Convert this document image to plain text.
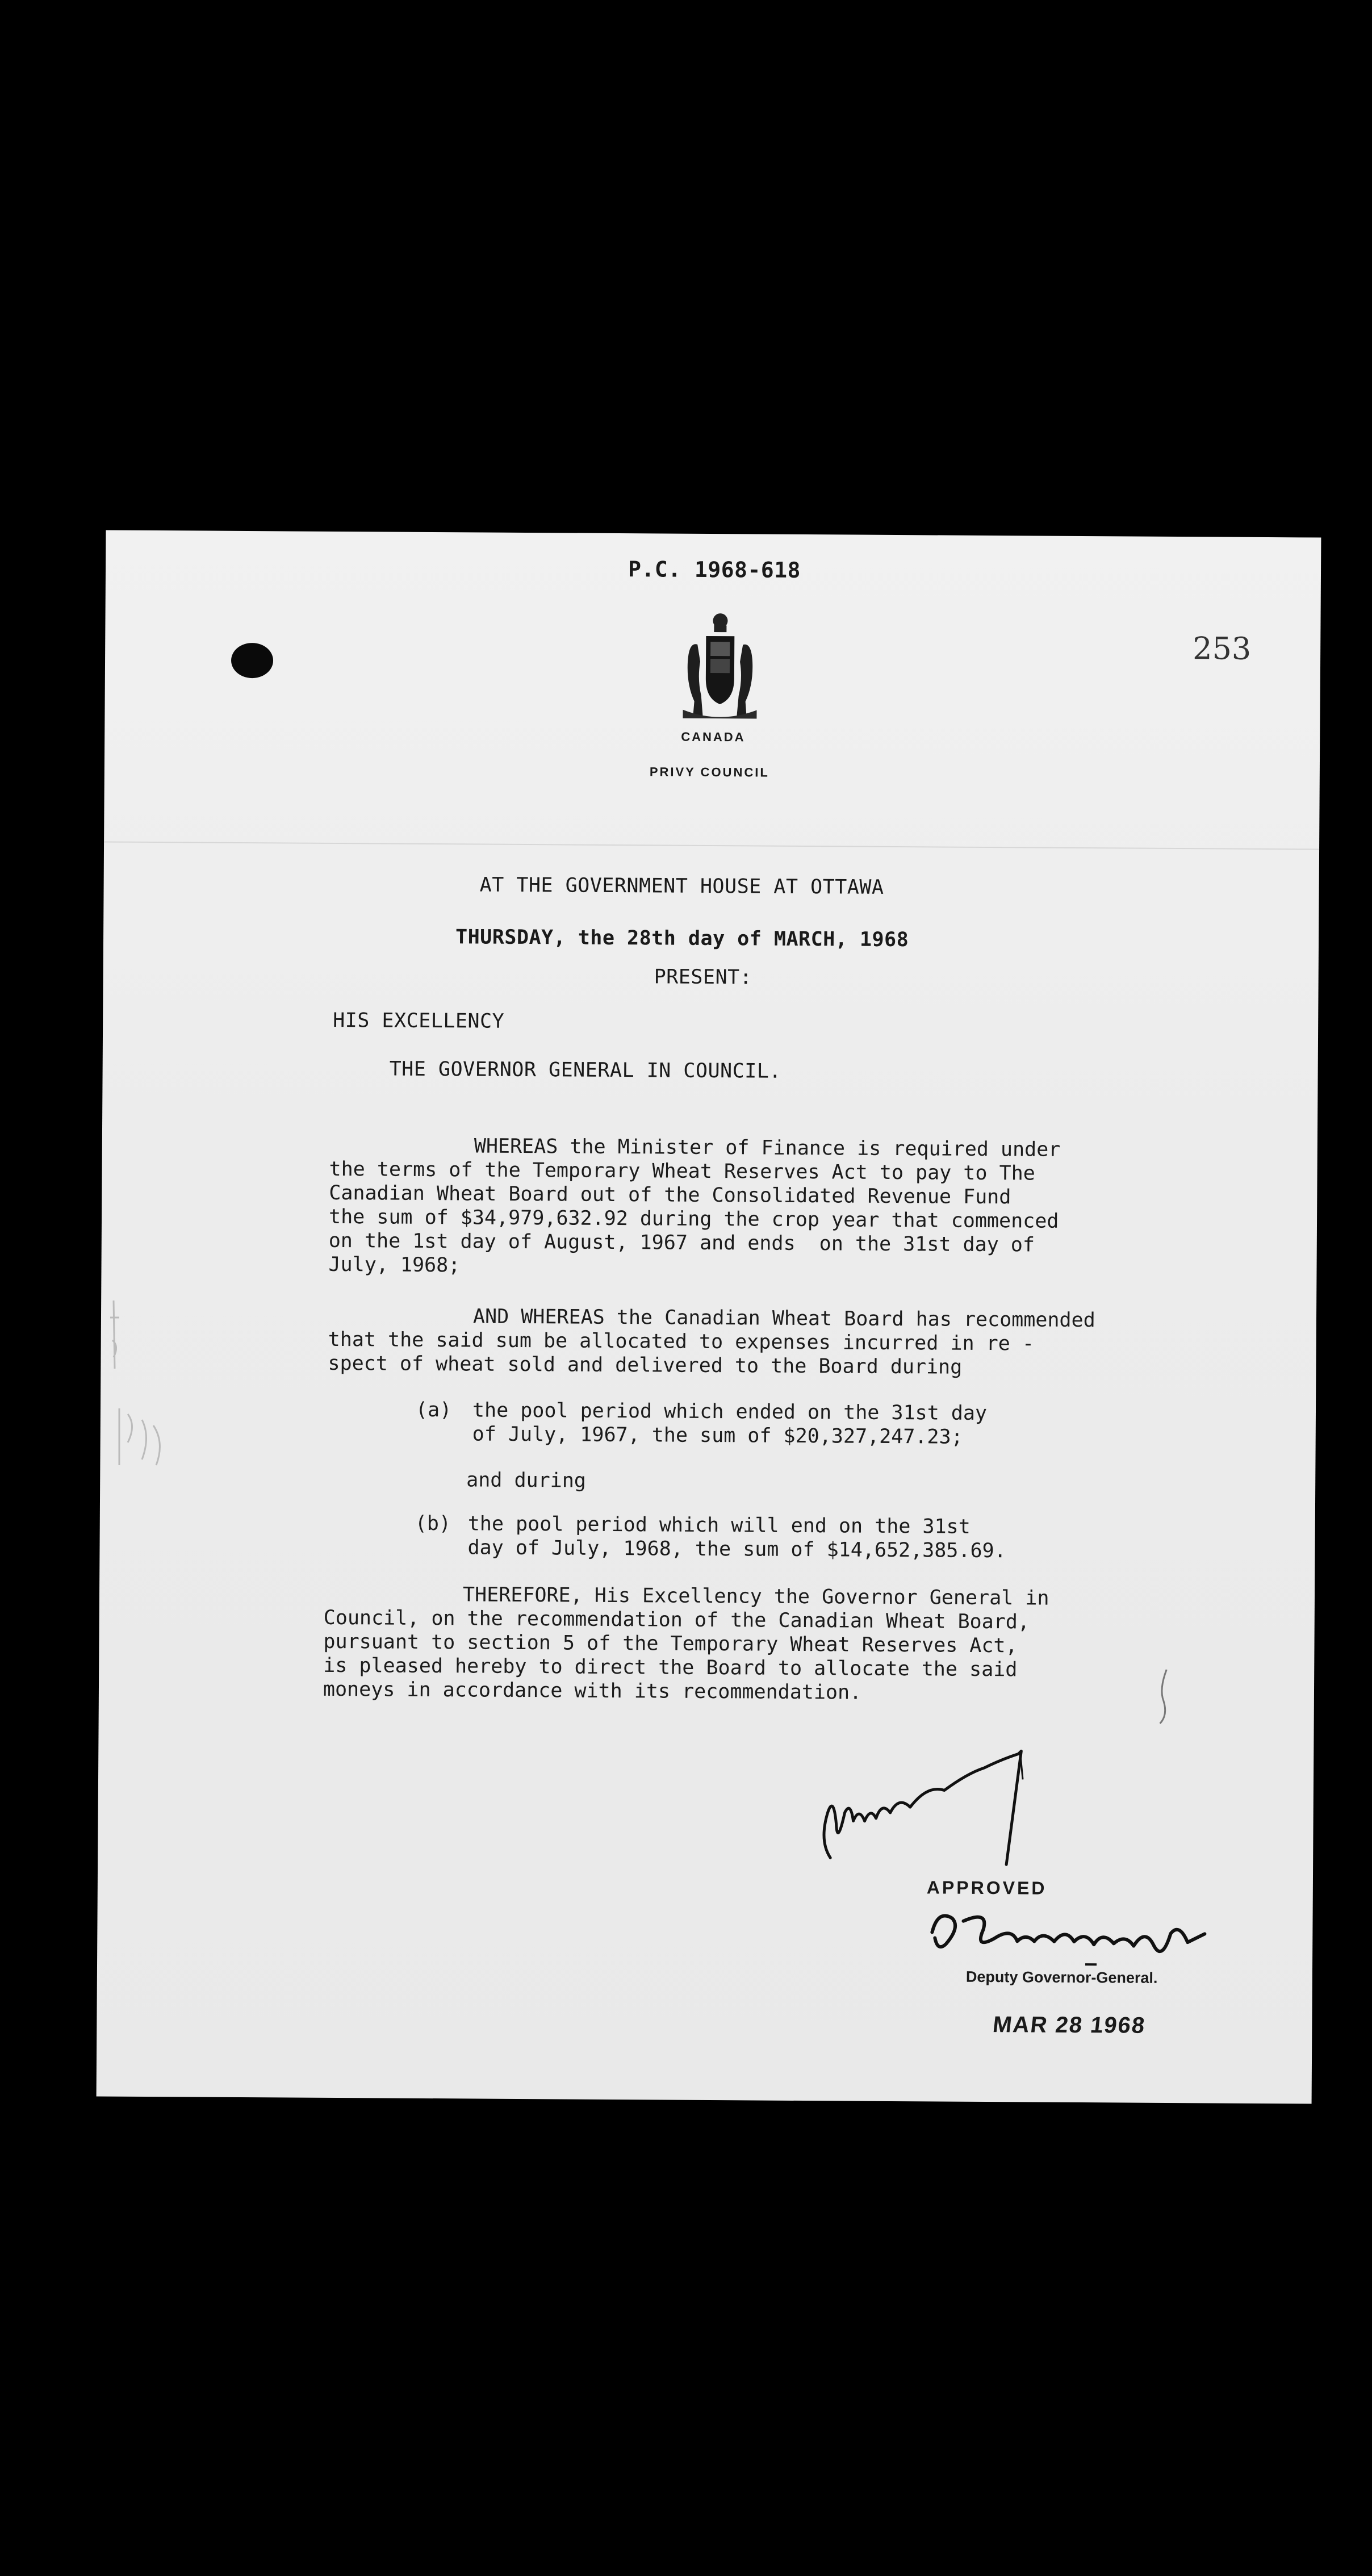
P.C. 1968-618

253

CANADA

PRIVY COUNCIL

AT THE GOVERNMENT HOUSE AT OTTAWA

THURSDAY, the 28th day of MARCH, 1968

PRESENT:

HIS EXCELLENCY

THE GOVERNOR GENERAL IN COUNCIL.

WHEREAS the Minister of Finance is required under

the terms of the Temporary Wheat Reserves Act to pay to The

Canadian Wheat Board out of the Consolidated Revenue Fund

the sum of $34,979,632.92 during the crop year that commenced

on the 1st day of August, 1967 and ends  on the 31st day of

July, 1968;

AND WHEREAS the Canadian Wheat Board has recommended

that the said sum be allocated to expenses incurred in re -

spect of wheat sold and delivered to the Board during

(a) the pool period which ended on the 31st day

of July, 1967, the sum of $20,327,247.23;

and during

(b) the pool period which will end on the 31st

day of July, 1968, the sum of $14,652,385.69.

THEREFORE, His Excellency the Governor General in

Council, on the recommendation of the Canadian Wheat Board,

pursuant to section 5 of the Temporary Wheat Reserves Act,

is pleased hereby to direct the Board to allocate the said

moneys in accordance with its recommendation.

APPROVED

Deputy Governor-General.

MAR 28 1968
